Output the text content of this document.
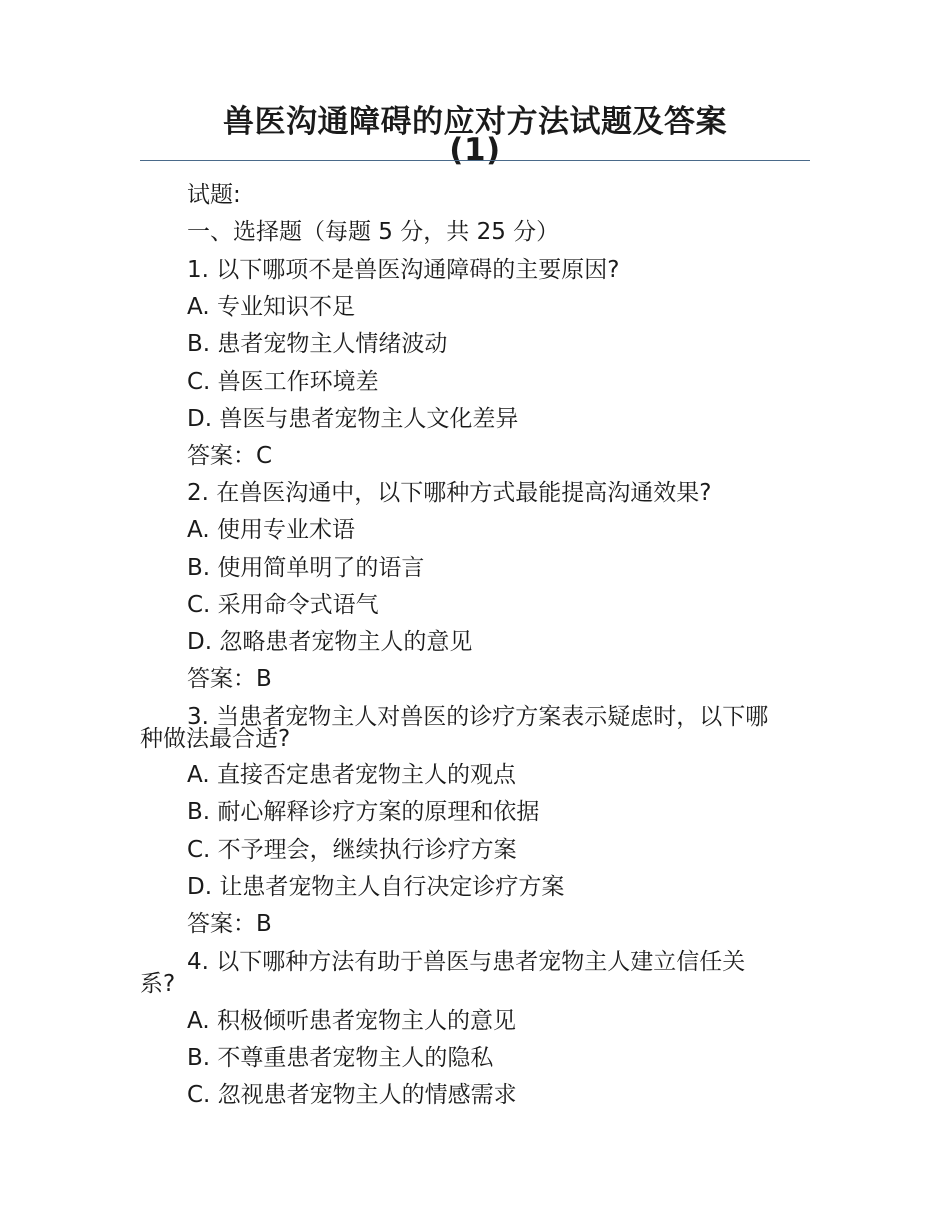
兽医沟通障碍的应对方法试题及答案
(1)
试题:
一、选择题（每题 5 分，共 25 分）
1. 以下哪项不是兽医沟通障碍的主要原因?
A. 专业知识不足
B. 患者宠物主人情绪波动
C. 兽医工作环境差
D. 兽医与患者宠物主人文化差异
答案：C
2. 在兽医沟通中，以下哪种方式最能提高沟通效果?
A. 使用专业术语
B. 使用简单明了的语言
C. 采用命令式语气
D. 忽略患者宠物主人的意见
答案：B
3. 当患者宠物主人对兽医的诊疗方案表示疑虑时，以下哪
种做法最合适?
A. 直接否定患者宠物主人的观点
B. 耐心解释诊疗方案的原理和依据
C. 不予理会，继续执行诊疗方案
D. 让患者宠物主人自行决定诊疗方案
答案：B
4. 以下哪种方法有助于兽医与患者宠物主人建立信任关
系?
A. 积极倾听患者宠物主人的意见
B. 不尊重患者宠物主人的隐私
C. 忽视患者宠物主人的情感需求
